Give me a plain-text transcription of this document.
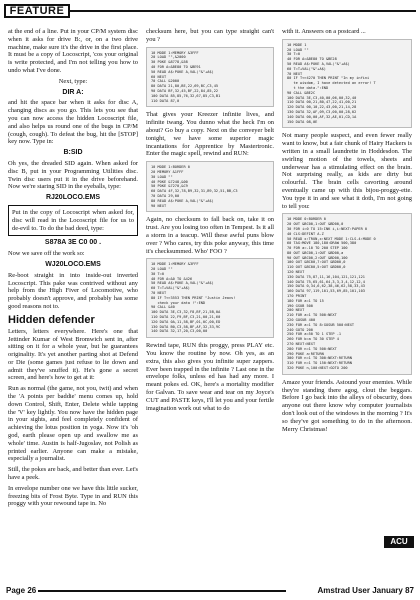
FEATURE

at the end of a line. Put in your CP/M system disc when it asks for drive B:, or, on a two drive machine, make sure it's the drive in the first place. It must be a copy of Locoscript, 'cos your original is write protected, and I'm not telling you how to undo what I've done.

Next, type:

DIR A:

and hit the space bar when it asks for disc A, changing discs as you go. This lets you see that you can now access the hidden Locoscript file, and also helps us round one of the bugs in CP/M (cough, cough). To defeat the bug, hit the [STOP] key now. Type in:

B:SID

Oh yes, the dreaded SID again. When asked for disc B, put in your Programming Utilities disc. Twin disc users put it in the drive beforehand. Now we're staring SID in the eyeballs, type:

RJ20LOCO.EMS

Put in the copy of Locoscript when asked for, disc will read in the Locoscript file for us to de-evil to. To do the bad deed, type:

S878A 3E C0 00 .

Now we save off the work so:

WJ20LOCO.EMS

Re-boot straight in into inside-out inverted Locoscript. This pake was contrived without any help from the High Fiver of Locomotive, who probably doesn't approve, and probably has some good reasons not to.

Hidden defender

Letters, letters everywhere. Here's one that Jettinder Kumar of West Bromwich sent in, after sitting on it for a whole year, but he guarantees originality. It's yet another parting shot at Defend or Die (some games just refuse to lie down and admit they've snuffed it). He's gone a secret screen, and here's how to get at it:

Run as normal (the game, not you, twit) and when the 'A points per baddie' menu comes up, hold down Control, Shift, Enter, Delete while tapping the 'V' key lightly. You now have the hidden page in your sights, and feel completely confident of achieving the lotus position in yoga. Now it's 'oh god, earth please open up and swallow me as whole' time. Austin is half-Jugoslav, not Polish as printed earlier. Anyone can make a mistake, especially a journalist.

Still, the pokes are back, and better than ever. Let's have a peek.

In envelope number one we have this little sucker, freezing bits of Frost Byte. Type in and RUN this proggy with your rewound tape in. No

checksum here, but you can type straight can't you ?

10 MODE 1:MEMORY &3FFF
20 LOAD "",&2000
30 POKE &8778,&58
40 FOR A=&BE80 TO &BE91
50 READ A$:POKE A,VAL("&"+A$)
60 NEXT
70 CALL &2000
80 DATA 21,80,BE,22,69,BC,C3,45
90 DATA BF,32,45,BF,22,84,85,22
100 DATA 85,85,76,32,67,85,C3,B1
110 DATA 87,0

That gives your Kreezer infinite lives, and infinite twang. You dunno what the heck I'm on about? Go buy a copy. Next on the conveyer belt tonight, we have some superior magic incantations for Apprentice by Mastertronic. Enter the magic spell, rewind and RUN:

10 MODE 1:BORDER 0
20 MEMORY &1FFF
30 LOAD ""
40 POKE &7248,&00
50 POKE &7270,&C9
60 DATA 4F,32,78,B9,32,31,B9,32,51,BB,C3
70 DATA 29,00
80 READ A$:POKE A,VAL("&"+A$)
90 NEXT

Again, no checksum to fall back on, take it on trust. Are you losing too often in Tempest. Is it all a storm in a teacup. Will these awful puns blow over ? Who cares, try this poke anyway, this time it's checksummed. Who' FOO ?

10 MODE 1:MEMORY &3FFF
20 LOAD ""
30 T=0
40 FOR A=&0 TO &426
50 READ A$:POKE A,VAL("&"+A$)
60 T=T+VAL("&"+A$)
70 NEXT
80 IF T<>3553 THEN PRINT "Justin Jeavs!
check your data !":END
90 CALL &40
100 DATA 3E,C3,32,F8,BF,21,5B,0A
110 DATA 22,F9,BF,C3,21,00,21,60
120 DATA 0A,11,58,BF,01,0C,00,ED
130 DATA B0,C3,58,BF,AF,32,33,9C
140 DATA 32,17,20,C3,00,00

Rewind tape, RUN this proggy, press PLAY etc. You know the routine by now. Oh yes, as an extra, this also gives you infinite super zappers. Ever been trapped in the infinite ? Last one in the envelope folks, unless ed has had any more. I meant pokes ed. OK, here's a mortality modifier for Galvan. To save wear and tear on my Joyce's CUT and PASTE keys, I'll let you and your fertile imagination work out what to do

with it. Answers on a postcard ...

10 MODE 1
20 LOAD ""
30 T=0
40 FOR A=&BE80 TO &BE28
50 READ A$:POKE A,VAL("&"+A$)
60 T=T+VAL("&"+A$)
70 NEXT
80 IF T<>4270 THEN PRINT "In my infini
te wisdom, I have detected an error! T
t the data.":END
90 CALL &BE2C
100 DATA 3E,C3,40,00,06,00,32,40
110 DATA 00,21,80,47,22,41,00,21
120 DATA 00,10,22,43,00,21,14,28
130 DATA 32,AF,09,C3,00,00,28,02
140 DATA 00,00,AF,32,AE,01,CD,1A
150 DATA 08,0E

Not many people suspect, and even fewer really want to know, but a fair chunk of Hairy Hackers is written in a small laundrette in Hoddesdon. The swirling motion of the towels, sheets and underwear has a stimulating effect on the brain. Not surprising really, as kids are dirty but colourful. The brain cells cavorting around eventually came up with this bijou-proggy-ette. You type it in and see what it doth, I'm not going to tell you:

10 MODE 0:BORDER 0
20 OUT &BC00,1:OUT &BD00,0
30 FOR i=0 TO 15:INK i,i:NEXT:PAPER 0
40 CLS:DEFINT A-Z
50 READ x:TRUN,x:NEXT MODE 1:CLS-4:MODE 0
60 TAG:MOVE 180,180:DRAW 500,380
70 FOR a=-10 TO 200 STEP 100
80 OUT &BC00,1:OUT &BD00,a
90 OUT &BC00,2:OUT &BD00,100
100 OUT &BC00,7:OUT &BD00,0
110 OUT &BC00,5:OUT &BD00,0
120 NEXT
130 DATA 75,87,11,16,104,121,121,121
140 DATA 75,65,61,64,3,3,3,4,12,12,4
150 DATA 0,34,6,62,38,46,62,58,33,43
160 DATA 97,119,101,53,69,85,101,103
170 PRINT
180 FOR a=1 TO 15
190 GSUB 500
200 NEXT
210 FOR a=1 TO 500:NEXT
220 GOSUB 400
230 FOR a=1 TO 8:GOSUB 500:NEXT
240 GOTO 200
250 FOR a=50 TO 1 STEP -1
260 FOR b=a TO 30 STEP 4
270 NEXT:NEXT
280 FOR n=1 TO 500:NEXT
290 POKE a:RETURN
300 FOR n=1 TO 300:NEXT:RETURN
310 FOR n=1 TO 150:NEXT:RETURN
320 POKE n,100:NEXT:GOTO 200

Amaze your friends. Astound your enemies. While they're standing there agog, clout the beggars. Before I go back into the alleys of obscurity, does anyone out there know why computer journalists don't look out of the windows in the morning ? It's so they've got something to do in the afternoon. Merry Christmas!

ACU
Page 26	Amstrad User January 87
